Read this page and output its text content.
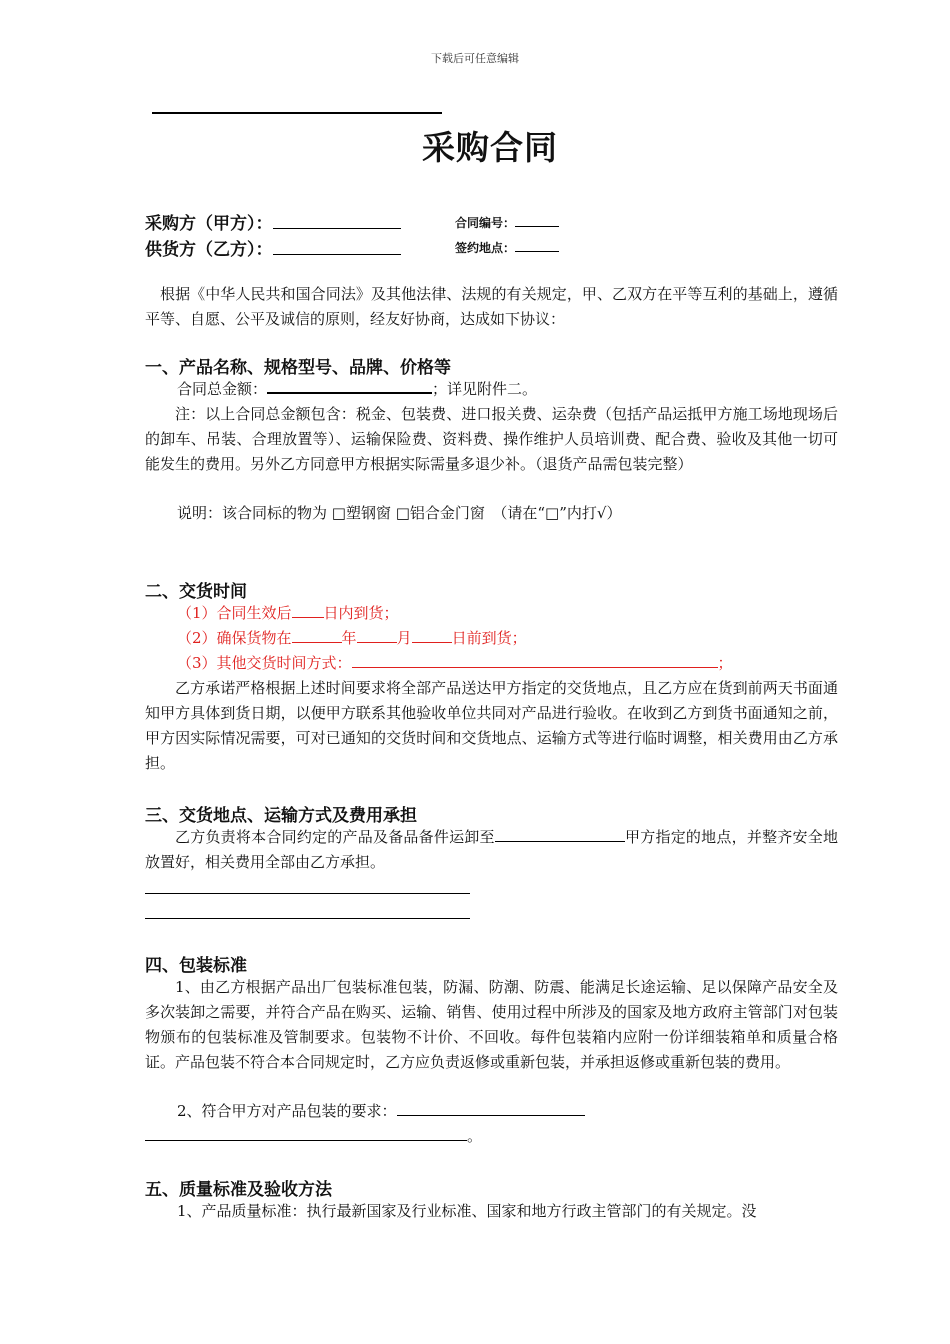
下载后可任意编辑
采购合同
采购方（甲方）：	合同编号：
供货方（乙方）：	签约地点：
根据《中华人民共和国合同法》及其他法律、法规的有关规定，甲、乙双方在平等互利的基础上，遵循平等、自愿、公平及诚信的原则，经友好协商，达成如下协议：
一、产品名称、规格型号、品牌、价格等
合同总金额：	；详见附件二。
注：以上合同总金额包含：税金、包装费、进口报关费、运杂费（包括产品运抵甲方施工场地现场后的卸车、吊装、合理放置等）、运输保险费、资料费、操作维护人员培训费、配合费、验收及其他一切可能发生的费用。另外乙方同意甲方根据实际需量多退少补。（退货产品需包装完整）
说明：该合同标的物为 □塑钢窗 □铝合金门窗　（请在“□”内打√）
二、交货时间
（1）合同生效后 日内到货；
（2）确保货物在	年	月	日前到货；
（3）其他交货时间方式：	；
乙方承诺严格根据上述时间要求将全部产品送达甲方指定的交货地点，且乙方应在货到前两天书面通知甲方具体到货日期，以便甲方联系其他验收单位共同对产品进行验收。在收到乙方到货书面通知之前，甲方因实际情况需要，可对已通知的交货时间和交货地点、运输方式等进行临时调整，相关费用由乙方承担。
三、交货地点、运输方式及费用承担
乙方负责将本合同约定的产品及备品备件运卸至	甲方指定的地点，并整齐安全地放置好，相关费用全部由乙方承担。
四、包装标准
1、由乙方根据产品出厂包装标准包装，防漏、防潮、防震、能满足长途运输、足以保障产品安全及多次装卸之需要，并符合产品在购买、运输、销售、使用过程中所涉及的国家及地方政府主管部门对包装物颁布的包装标准及管制要求。包装物不计价、不回收。每件包装箱内应附一份详细装箱单和质量合格证。产品包装不符合本合同规定时，乙方应负责返修或重新包装，并承担返修或重新包装的费用。
2、符合甲方对产品包装的要求：
。
五、质量标准及验收方法
1、产品质量标准：执行最新国家及行业标准、国家和地方行政主管部门的有关规定。没
